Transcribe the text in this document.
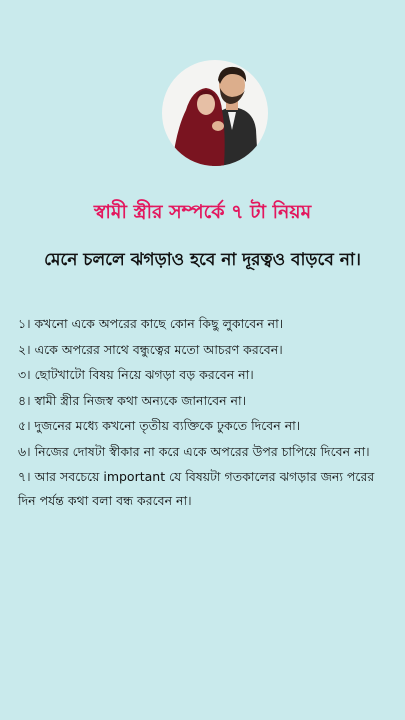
স্বামী স্ত্রীর সম্পর্কে ৭ টা নিয়ম
মেনে চললে ঝগড়াও হবে না দূরত্বও বাড়বে না।
১। কখনো একে অপরের কাছে কোন কিছু লুকাবেন না।
২। একে অপরের সাথে বন্ধুত্বের মতো আচরণ করবেন।
৩। ছোটখাটো বিষয় নিয়ে ঝগড়া বড় করবেন না।
৪। স্বামী স্ত্রীর নিজস্ব কথা অন্যকে জানাবেন না।
৫। দুজনের মধ্যে কখনো তৃতীয় ব্যক্তিকে ঢুকতে দিবেন না।
৬। নিজের দোষটা স্বীকার না করে একে অপরের উপর চাপিয়ে দিবেন না।
৭। আর সবচেয়ে important যে বিষয়টা গতকালের ঝগড়ার জন্য পরের দিন পর্যন্ত কথা বলা বন্ধ করবেন না।
